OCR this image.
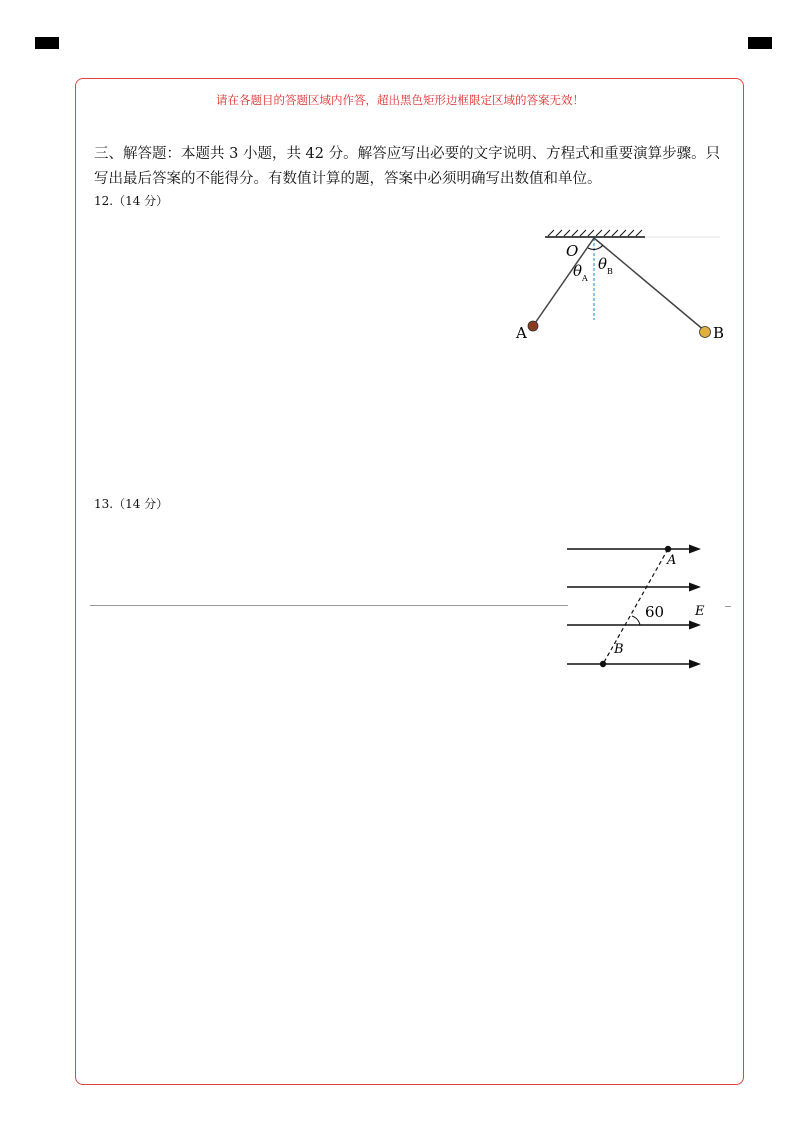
请在各题目的答题区域内作答，超出黑色矩形边框限定区域的答案无效！
三、解答题：本题共 3 小题，共 42 分。解答应写出必要的文字说明、方程式和重要演算步骤。只写出最后答案的不能得分。有数值计算的题，答案中必须明确写出数值和单位。
12.（14 分）
O
θ A
θ B
A	B
13.（14 分）
A
B
60 E
